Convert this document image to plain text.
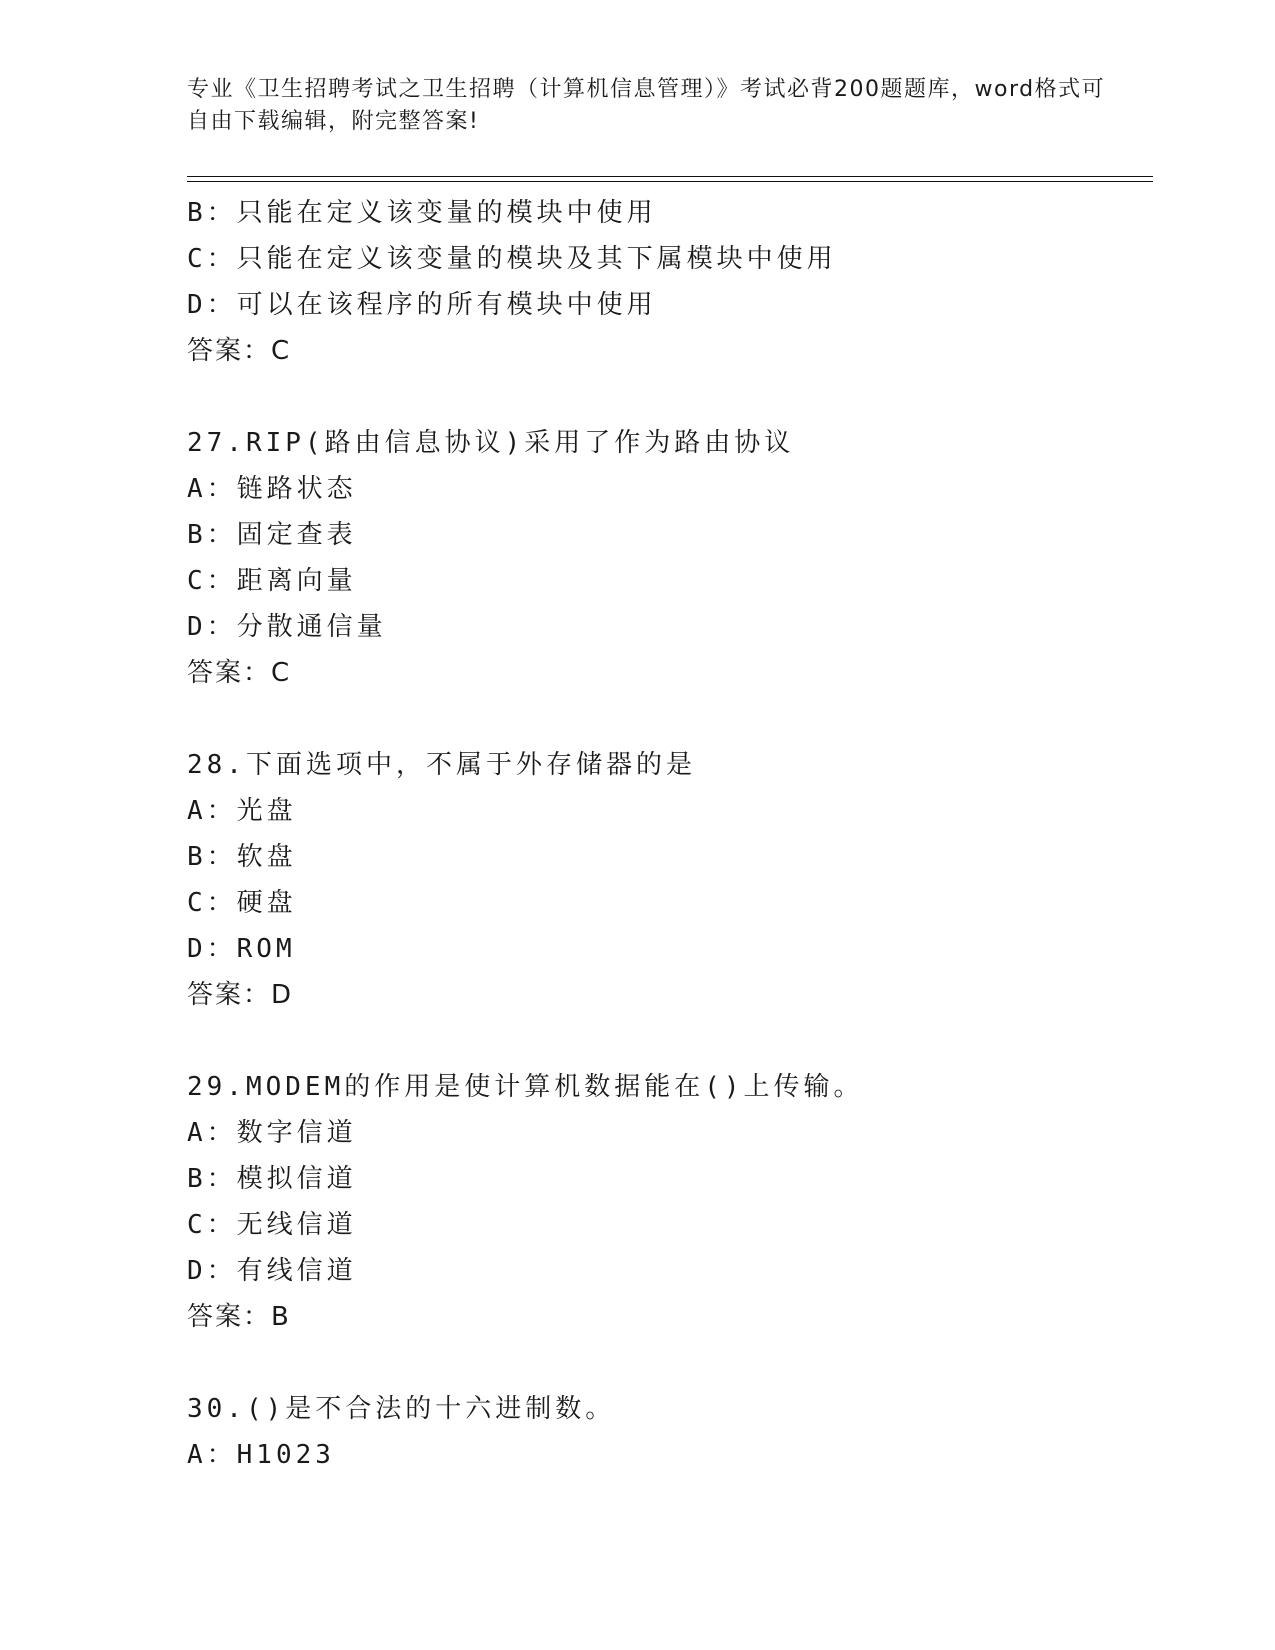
专业《卫生招聘考试之卫生招聘（计算机信息管理）》考试必背200题题库，word格式可自由下载编辑，附完整答案!
B：只能在定义该变量的模块中使用
C：只能在定义该变量的模块及其下属模块中使用
D：可以在该程序的所有模块中使用
答案：C
27.RIP(路由信息协议)采用了作为路由协议
A：链路状态
B：固定查表
C：距离向量
D：分散通信量
答案：C
28.下面选项中，不属于外存储器的是
A：光盘
B：软盘
C：硬盘
D：ROM
答案：D
29.MODEM的作用是使计算机数据能在()上传输。
A：数字信道
B：模拟信道
C：无线信道
D：有线信道
答案：B
30.()是不合法的十六进制数。
A：H1023
